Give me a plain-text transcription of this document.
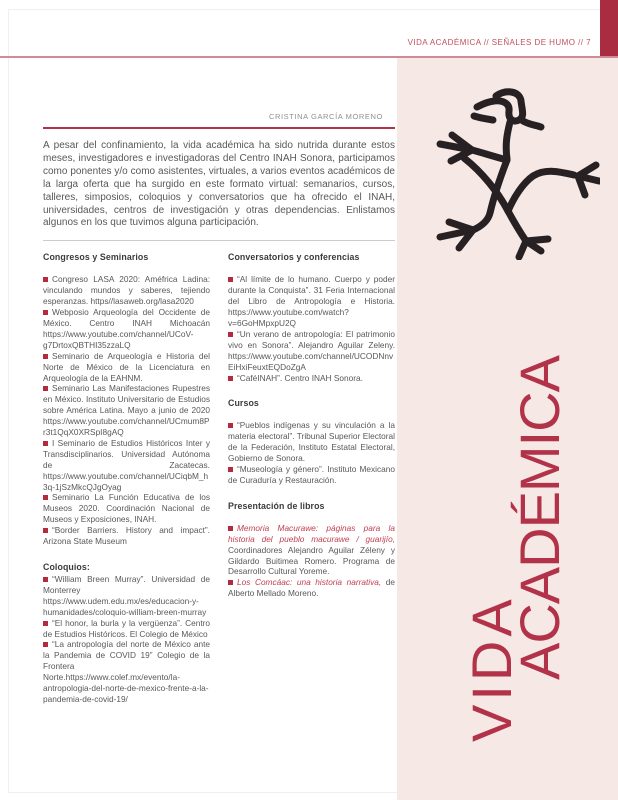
VIDA
ACADÉMICA
VIDA ACADÉMICA // SEÑALES DE HUMO // 7
CRISTINA GARCÍA MORENO

A pesar del confinamiento, la vida académica ha sido nutrida durante estos meses, investigadores e investigadoras del Centro INAH Sonora, participamos como ponentes y/o como asistentes, virtuales, a varios eventos académicos de la larga oferta que ha surgido en este formato virtual: semanarios, cursos, talleres, simposios, coloquios y conversatorios que ha ofrecido el INAH, universidades, centros de investigación y otras dependencias. Enlistamos algunos en los que tuvimos alguna participación.

Congresos y Seminarios

Congreso LASA 2020: Améfrica Ladina: vinculando mundos y saberes, tejiendo esperanzas. https//lasaweb.org/lasa2020

Webposio Arqueología del Occidente de México. Centro INAH Michoacán https://www.youtube.com/channel/UCoV-g7DrtoxQBTHI35zzaLQ

Seminario de Arqueología e Historia del Norte de México de la Licenciatura en Arqueología de la EAHNM.

Seminario Las Manifestaciones Rupestres en México. Instituto Universitario de Estudios sobre América Latina. Mayo a junio de 2020 https://www.youtube.com/channel/UCmum8Pr3t1QqX0XRSpI8gAQ

I Seminario de Estudios Históricos Inter y Transdisciplinarios. Universidad Autónoma de Zacatecas. https://www.youtube.com/channel/UCiqbM_h3q-1jSzMkcQJgOyag

Seminario La Función Educativa de los Museos 2020. Coordinación Nacional de Museos y Exposiciones, INAH.

“Border Barriers. History and impact”. Arizona State Museum

Coloquios:

“William Breen Murray”. Universidad de Monterrey https://www.udem.edu.mx/es/educacion-y-humanidades/coloquio-william-breen-murray

“El honor, la burla y la vergüenza”. Centro de Estudios Históricos. El Colegio de México

“La antropología del norte de México ante la Pandemia de COVID 19” Colegio de la Frontera Norte.https://www.colef.mx/evento/la-antropologia-del-norte-de-mexico-frente-a-la-pandemia-de-covid-19/

Conversatorios y conferencias

“Al límite de lo humano. Cuerpo y poder durante la Conquista”. 31 Feria Internacional del Libro de Antropología e Historia. https://www.youtube.com/watch?v=6GoHMpxpU2Q

“Un verano de antropología: El patrimonio vivo en Sonora”. Alejandro Aguilar Zeleny. https://www.youtube.com/channel/UCODNnvEiHxiFeuxtEQDoZgA

“CaféINAH”. Centro INAH Sonora.

Cursos

“Pueblos indígenas y su vinculación a la materia electoral”. Tribunal Superior Electoral de la Federación, Instituto Estatal Electoral, Gobierno de Sonora.

“Museología y género”. Instituto Mexicano de Curaduría y Restauración.

Presentación de libros

Memoria Macurawe: páginas para la historia del pueblo macurawe / guarijío, Coordinadores Alejandro Aguilar Zéleny y Gildardo Buitimea Romero. Programa de Desarrollo Cultural Yoreme.

Los Comcáac: una historia narrativa, de Alberto Mellado Moreno.
